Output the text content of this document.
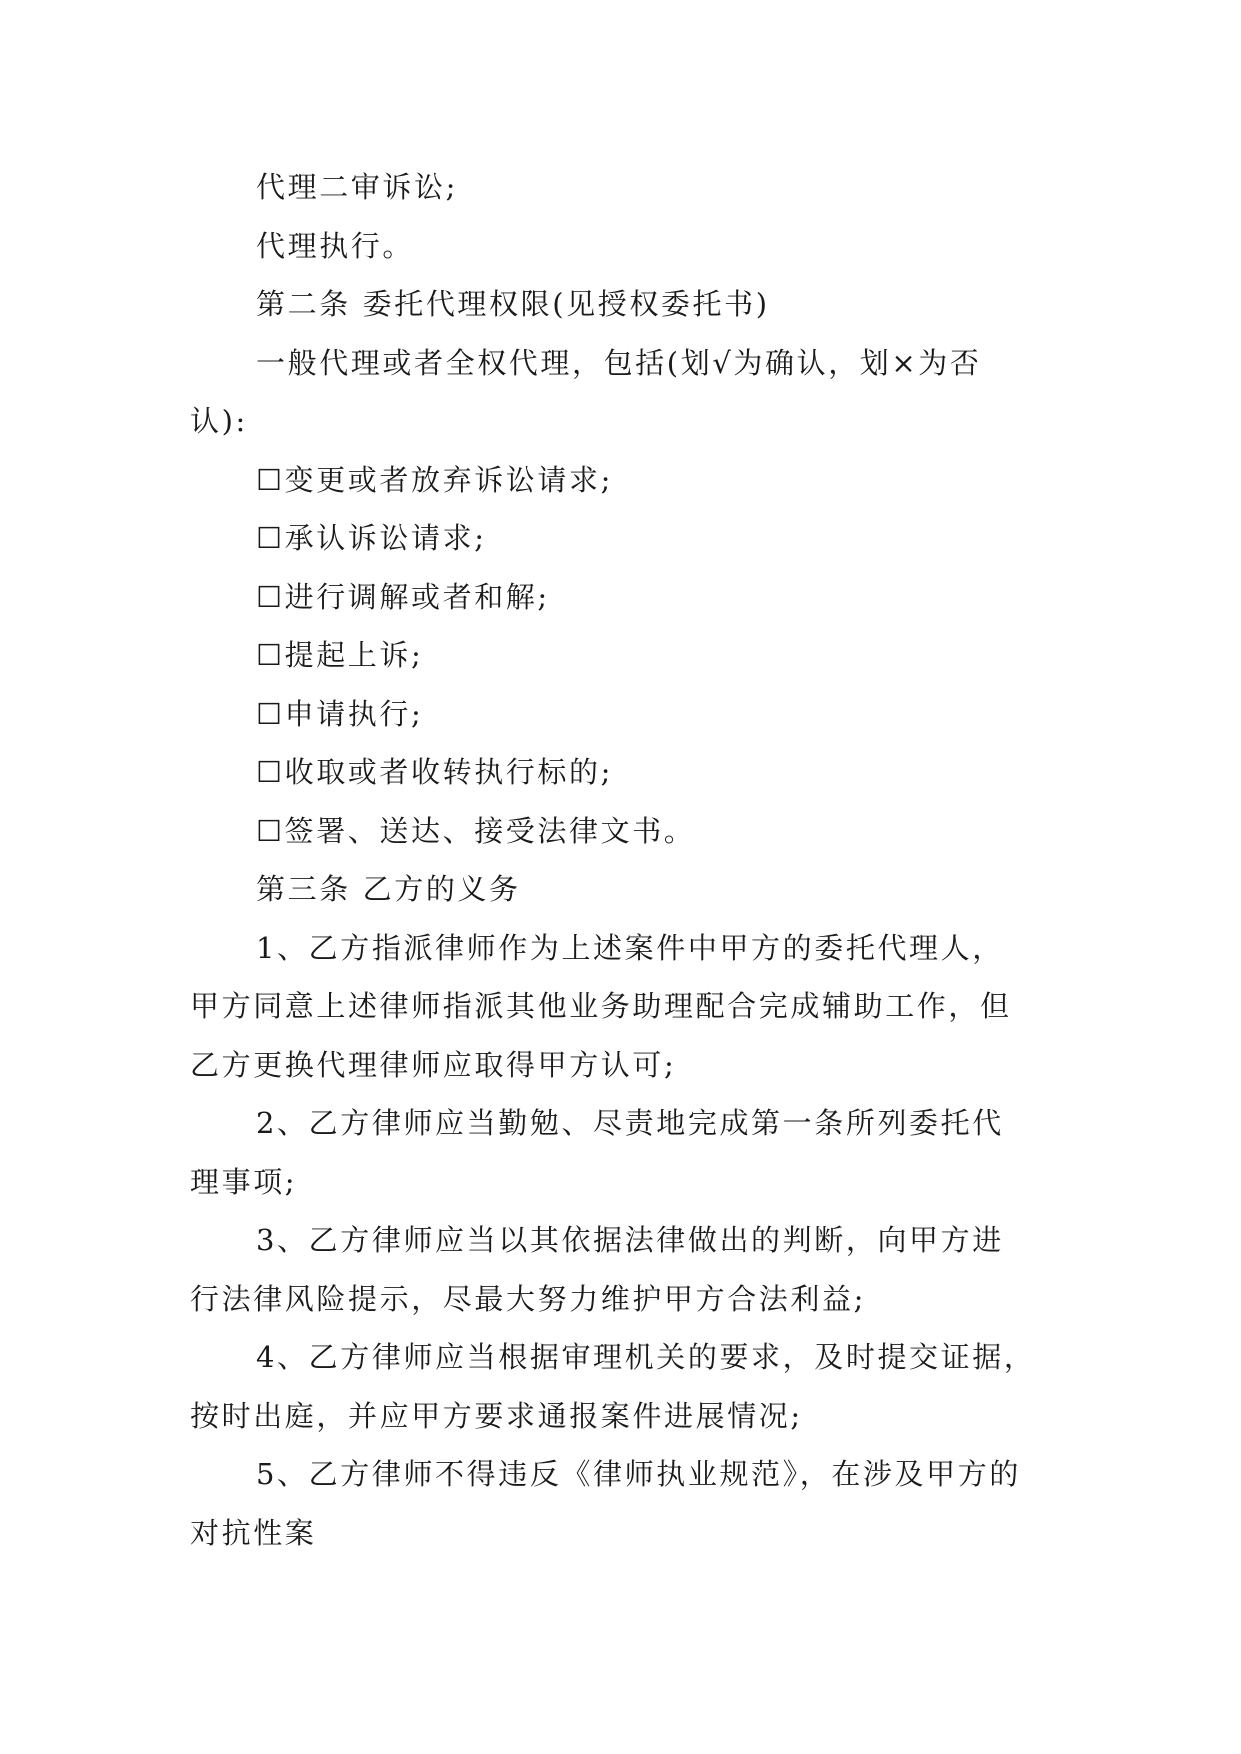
代理二审诉讼;

代理执行。

第二条 委托代理权限(见授权委托书)

一般代理或者全权代理，包括(划√为确认，划×为否
认):

☐变更或者放弃诉讼请求;

☐承认诉讼请求;

☐进行调解或者和解;

☐提起上诉;

☐申请执行;

☐收取或者收转执行标的;

☐签署、送达、接受法律文书。

第三条 乙方的义务

1、乙方指派律师作为上述案件中甲方的委托代理人，
甲方同意上述律师指派其他业务助理配合完成辅助工作，但
乙方更换代理律师应取得甲方认可;

2、乙方律师应当勤勉、尽责地完成第一条所列委托代
理事项;

3、乙方律师应当以其依据法律做出的判断，向甲方进
行法律风险提示，尽最大努力维护甲方合法利益;

4、乙方律师应当根据审理机关的要求，及时提交证据，
按时出庭，并应甲方要求通报案件进展情况;

5、乙方律师不得违反《律师执业规范》，在涉及甲方的
对抗性案
